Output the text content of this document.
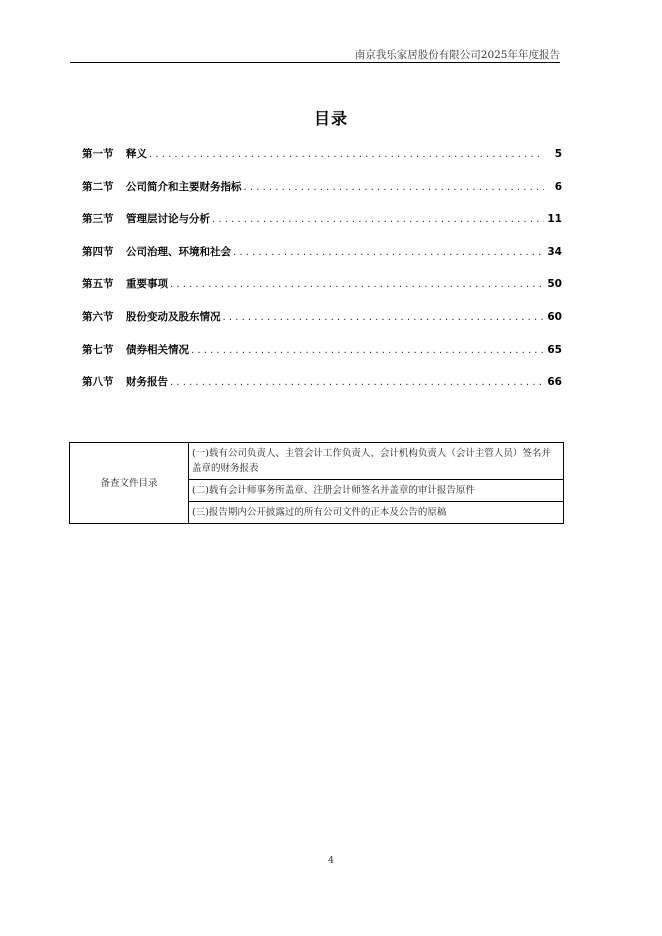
南京我乐家居股份有限公司2025年年度报告
目录
第一节	释义 . . .	5
第二节	公司简介和主要财务指标 . . .	6
第三节	管理层讨论与分析 . . .	11
第四节	公司治理、环境和社会 . . .	34
第五节	重要事项 . . .	50
第六节	股份变动及股东情况 . . .	60
第七节	债券相关情况 . . .	65
第八节	财务报告 . . .	66
备查文件目录	(一)载有公司负责人、主管会计工作负责人、会计机构负责人（会计主管人员）签名并盖章的财务报表
(二)载有会计师事务所盖章、注册会计师签名并盖章的审计报告原件
(三)报告期内公开披露过的所有公司文件的正本及公告的原稿
4
